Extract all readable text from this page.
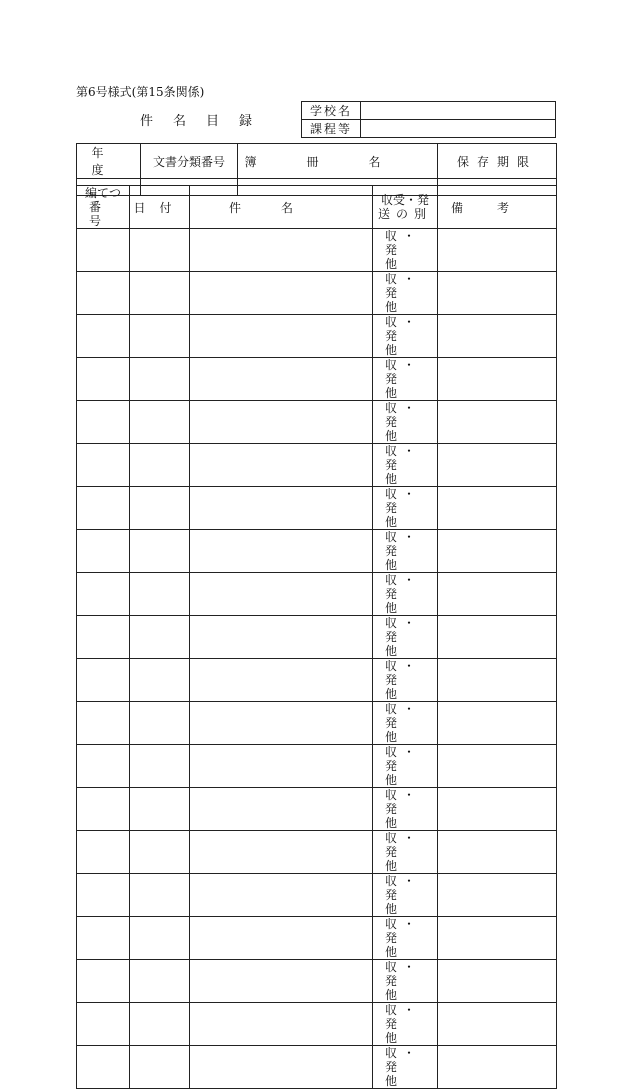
第6号様式(第15条関係)
件名目録
学校名	
課程等	
年度	文書分類番号	簿冊名	保存期限

編てつ
番号	日付	件名	収受・発
送の別	備考
			収・発
他	
			収・発
他	
			収・発
他	
			収・発
他	
			収・発
他	
			収・発
他	
			収・発
他	
			収・発
他	
			収・発
他	
			収・発
他	
			収・発
他	
			収・発
他	
			収・発
他	
			収・発
他	
			収・発
他	
			収・発
他	
			収・発
他	
			収・発
他	
			収・発
他	
			収・発
他	
